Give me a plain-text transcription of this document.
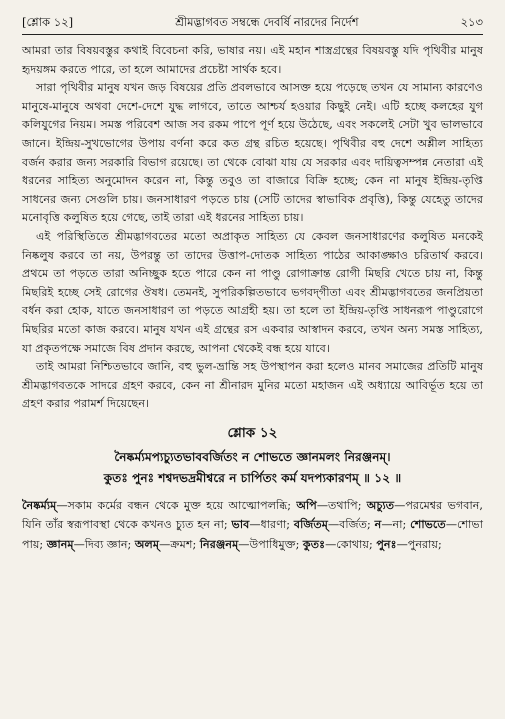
[শ্লোক ১২]	শ্রীমদ্ভাগবত সম্বন্ধে দেবর্ষি নারদের নির্দেশ	২১৩

আমরা তার বিষয়বস্তুর কথাই বিবেচনা করি, ভাষার নয়। এই মহান শাস্ত্রগ্রন্থের বিষয়বস্তু যদি পৃথিবীর মানুষ হৃদয়ঙ্গম করতে পারে, তা হলে আমাদের প্রচেষ্টা সার্থক হবে।

সারা পৃথিবীর মানুষ যখন জড় বিষয়ের প্রতি প্রবলভাবে আসক্ত হয়ে পড়েছে তখন যে সামান্য কারণেও মানুষে-মানুষে অথবা দেশে-দেশে যুদ্ধ লাগবে, তাতে আশ্চর্য হওয়ার কিছুই নেই। এটি হচ্ছে কলহের যুগ কলিযুগের নিয়ম। সমস্ত পরিবেশ আজ সব রকম পাপে পূর্ণ হয়ে উঠেছে, এবং সকলেই সেটা খুব ভালভাবে জানে। ইন্দ্রিয়-সুখভোগের উপায় বর্ণনা করে কত গ্রন্থ রচিত হয়েছে। পৃথিবীর বহু দেশে অশ্লীল সাহিত্য বর্জন করার জন্য সরকারি বিভাগ রয়েছে। তা থেকে বোঝা যায় যে সরকার এবং দায়িত্বসম্পন্ন নেতারা এই ধরনের সাহিত্য অনুমোদন করেন না, কিন্তু তবুও তা বাজারে বিক্রি হচ্ছে; কেন না মানুষ ইন্দ্রিয়-তৃপ্তি সাধনের জন্য সেগুলি চায়। জনসাধারণ পড়তে চায় (সেটি তাদের স্বাভাবিক প্রবৃত্তি), কিন্তু যেহেতু তাদের মনোবৃত্তি কলুষিত হয়ে গেছে, তাই তারা এই ধরনের সাহিত্য চায়।

এই পরিস্থিতিতে শ্রীমদ্ভাগবতের মতো অপ্রাকৃত সাহিত্য যে কেবল জনসাধারণের কলুষিত মনকেই নিষ্কলুষ করবে তা নয়, উপরন্তু তা তাদের উত্তাপ-দোতক সাহিত্য পাঠের আকাঙ্ক্ষাও চরিতার্থ করবে। প্রথমে তা পড়তে তারা অনিচ্ছুক হতে পারে কেন না পাণ্ডু রোগাক্রান্ত রোগী মিছরি খেতে চায় না, কিন্তু মিছরিই হচ্ছে সেই রোগের ঔষধ। তেমনই, সুপরিকল্পিতভাবে ভগবদ্‌গীতা এবং শ্রীমদ্ভাগবতের জনপ্রিয়তা বর্ধন করা হোক, যাতে জনসাধারণ তা পড়তে আগ্রহী হয়। তা হলে তা ইন্দ্রিয়-তৃপ্তি সাধনরূপ পাণ্ডুরোগে মিছরির মতো কাজ করবে। মানুষ যখন এই গ্রন্থের রস একবার আস্বাদন করবে, তখন অন্য সমস্ত সাহিত্য, যা প্রকৃতপক্ষে সমাজে বিষ প্রদান করছে, আপনা থেকেই বন্ধ হয়ে যাবে।

তাই আমরা নিশ্চিতভাবে জানি, বহু ভুল-ভ্রান্তি সহ উপস্থাপন করা হলেও মানব সমাজের প্রতিটি মানুষ শ্রীমদ্ভাগবতকে সাদরে গ্রহণ করবে, কেন না শ্রীনারদ মুনির মতো মহাজন এই অধ্যায়ে আবির্ভূত হয়ে তা গ্রহণ করার পরামর্শ দিয়েছেন।

শ্লোক ১২
নৈষ্কর্ম্যমপ্যচ্যুতভাববর্জিতং ন শোভতে জ্ঞানমলং নিরঞ্জনম্।
কুতঃ পুনঃ শশ্বদভদ্রমীশ্বরে ন চার্পিতং কর্ম যদপ্যকারণম্ ॥ ১২ ॥
নৈষ্কর্ম্যম্—সকাম কর্মের বন্ধন থেকে মুক্ত হয়ে আত্মোপলব্ধি; অপি—তথাপি; অচ্যুত—পরমেশ্বর ভগবান, যিনি তাঁর স্বরূপাবস্থা থেকে কখনও চ্যুত হন না; ভাব—ধারণা; বর্জিতম্—বর্জিত; ন—না; শোভতে—শোভা পায়; জ্ঞানম্—দিব্য জ্ঞান; অলম্—ক্রমশ; নিরঞ্জনম্—উপাধিমুক্ত; কুতঃ—কোথায়; পুনঃ—পুনরায়;
